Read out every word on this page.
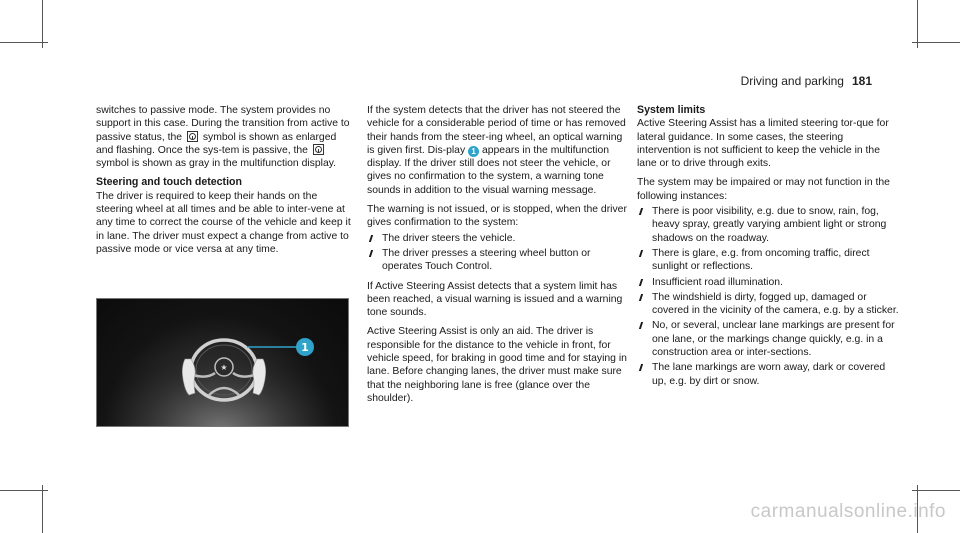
Driving and parking 181

switches to passive mode. The system provides no support in this case. During the transition from active to passive status, the symbol is shown as enlarged and flashing. Once the sys‐tem is passive, the  symbol is shown as gray in the multifunction display.

Steering and touch detection

The driver is required to keep their hands on the steering wheel at all times and be able to inter‐vene at any time to correct the course of the vehicle and keep it in lane. The driver must expect a change from active to passive mode or vice versa at any time.

★
1

If the system detects that the driver has not steered the vehicle for a considerable period of time or has removed their hands from the steer‐ing wheel, an optical warning is given first. Dis‐play 1 appears in the multifunction display. If the driver still does not steer the vehicle, or gives no confirmation to the system, a warning tone sounds in addition to the visual warning message.

The warning is not issued, or is stopped, when the driver gives confirmation to the system:

The driver steers the vehicle.
The driver presses a steering wheel button or operates Touch Control.

If Active Steering Assist detects that a system limit has been reached, a visual warning is issued and a warning tone sounds.

Active Steering Assist is only an aid. The driver is responsible for the distance to the vehicle in front, for vehicle speed, for braking in good time and for staying in lane. Before changing lanes, the driver must make sure that the neighboring lane is free (glance over the shoulder).

System limits

Active Steering Assist has a limited steering tor‐que for lateral guidance. In some cases, the steering intervention is not sufficient to keep the vehicle in the lane or to drive through exits.

The system may be impaired or may not function in the following instances:

There is poor visibility, e.g. due to snow, rain, fog, heavy spray, greatly varying ambient light or strong shadows on the roadway.
There is glare, e.g. from oncoming traffic, direct sunlight or reflections.
Insufficient road illumination.
The windshield is dirty, fogged up, damaged or covered in the vicinity of the camera, e.g. by a sticker.
No, or several, unclear lane markings are present for one lane, or the markings change quickly, e.g. in a construction area or inter‐sections.
The lane markings are worn away, dark or covered up, e.g. by dirt or snow.
carmanualsonline.info
